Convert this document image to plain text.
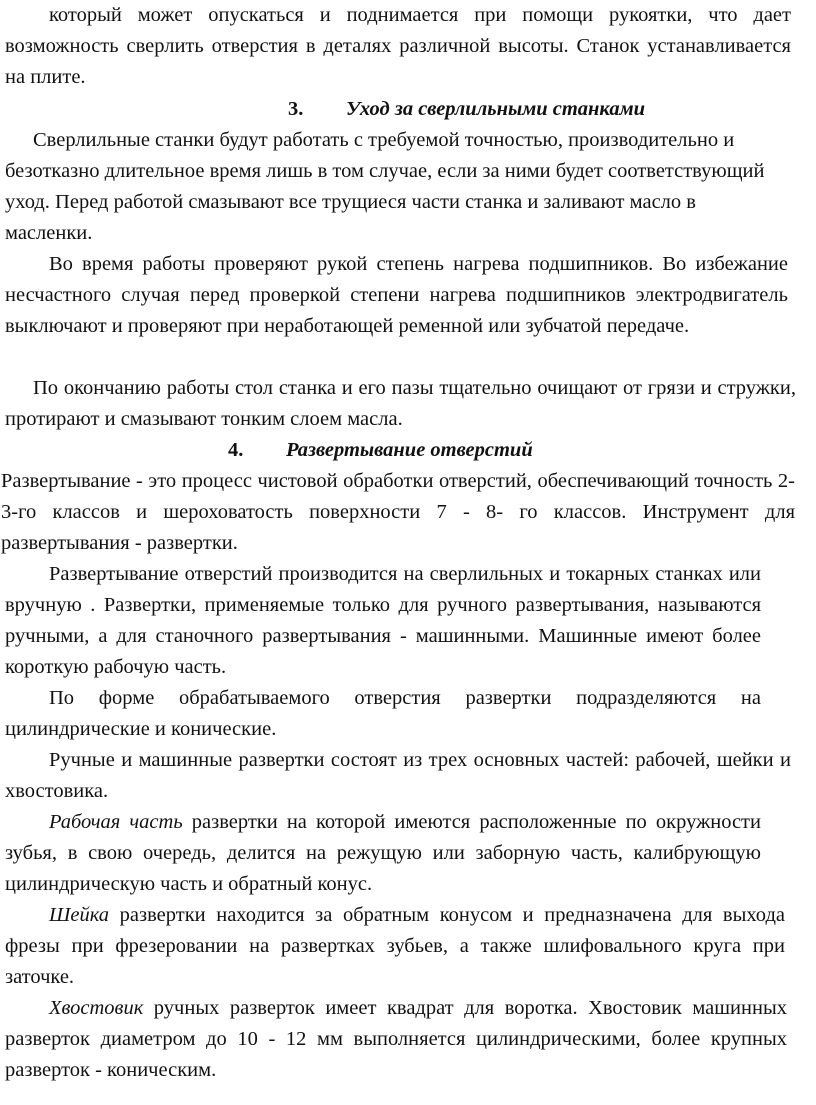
который может опускаться и поднимается при помощи рукоятки, что дает возможность сверлить отверстия в деталях различной высоты. Станок устанавливается на плите.

3. Уход за сверлильными станками

Сверлильные станки будут работать с требуемой точностью, производительно и безотказно длительное время лишь в том случае, если за ними будет соответствующий уход. Перед работой смазывают все трущиеся части станка и заливают масло в масленки.

Во время работы проверяют рукой степень нагрева подшипников. Во избежание несчастного случая перед проверкой степени нагрева подшипников электродвигатель выключают и проверяют при неработающей ременной или зубчатой передаче.

По окончанию работы стол станка и его пазы тщательно очищают от грязи и стружки, протирают и смазывают тонким слоем масла.

4. Развертывание отверстий

Развертывание - это процесс чистовой обработки отверстий, обеспечивающий точность 2-3-го классов и шероховатость поверхности 7 - 8- го классов. Инструмент для развертывания - развертки.

Развертывание отверстий производится на сверлильных и токарных станках или вручную . Развертки, применяемые только для ручного развертывания, называются ручными, а для станочного развертывания - машинными. Машинные имеют более короткую рабочую часть.

По форме обрабатываемого отверстия развертки подразделяются на цилиндрические и конические.

Ручные и машинные развертки состоят из трех основных частей: рабочей, шейки и хвостовика.

Рабочая часть развертки на которой имеются расположенные по окружности зубья, в свою очередь, делится на режущую или заборную часть, калибрующую цилиндрическую часть и обратный конус.

Шейка развертки находится за обратным конусом и предназначена для выхода фрезы при фрезеровании на развертках зубьев, а также шлифовального круга при заточке.

Хвостовик ручных разверток имеет квадрат для воротка. Хвостовик машинных разверток диаметром до 10 - 12 мм выполняется цилиндрическими, более крупных разверток - коническим.
